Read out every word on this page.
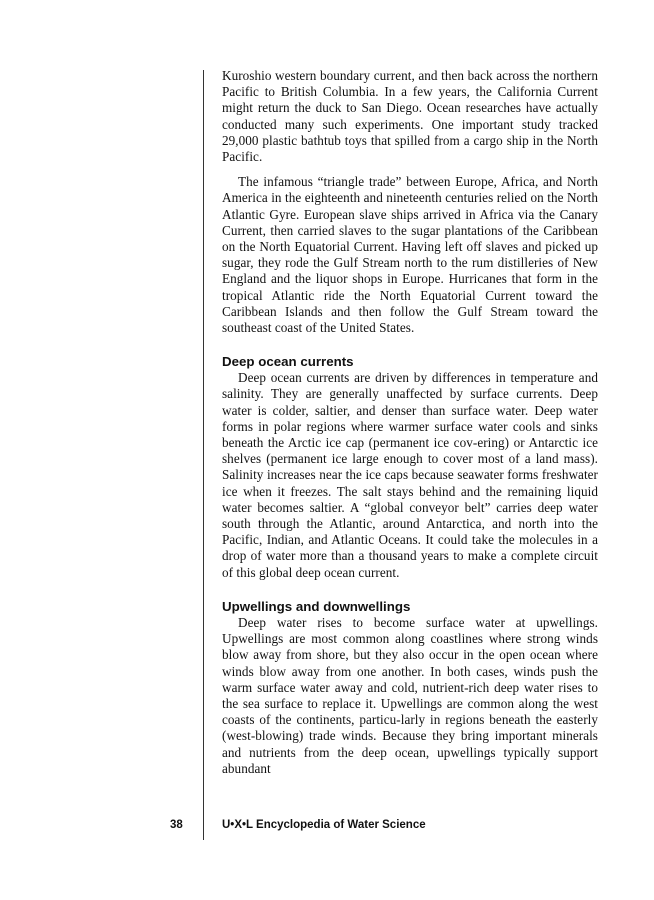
Kuroshio western boundary current, and then back across the northern Pacific to British Columbia. In a few years, the California Current might return the duck to San Diego. Ocean researches have actually conducted many such experiments. One important study tracked 29,000 plastic bathtub toys that spilled from a cargo ship in the North Pacific.

The infamous “triangle trade” between Europe, Africa, and North America in the eighteenth and nineteenth centuries relied on the North Atlantic Gyre. European slave ships arrived in Africa via the Canary Current, then carried slaves to the sugar plantations of the Caribbean on the North Equatorial Current. Having left off slaves and picked up sugar, they rode the Gulf Stream north to the rum distilleries of New England and the liquor shops in Europe. Hurricanes that form in the tropical Atlantic ride the North Equatorial Current toward the Caribbean Islands and then follow the Gulf Stream toward the southeast coast of the United States.

Deep ocean currents

Deep ocean currents are driven by differences in temperature and salinity. They are generally unaffected by surface currents. Deep water is colder, saltier, and denser than surface water. Deep water forms in polar regions where warmer surface water cools and sinks beneath the Arctic ice cap (permanent ice cov-ering) or Antarctic ice shelves (permanent ice large enough to cover most of a land mass). Salinity increases near the ice caps because seawater forms freshwater ice when it freezes. The salt stays behind and the remaining liquid water becomes saltier. A “global conveyor belt” carries deep water south through the Atlantic, around Antarctica, and north into the Pacific, Indian, and Atlantic Oceans. It could take the molecules in a drop of water more than a thousand years to make a complete circuit of this global deep ocean current.

Upwellings and downwellings

Deep water rises to become surface water at upwellings. Upwellings are most common along coastlines where strong winds blow away from shore, but they also occur in the open ocean where winds blow away from one another. In both cases, winds push the warm surface water away and cold, nutrient-rich deep water rises to the sea surface to replace it. Upwellings are common along the west coasts of the continents, particu-larly in regions beneath the easterly (west-blowing) trade winds. Because they bring important minerals and nutrients from the deep ocean, upwellings typically support abundant

38	U•X•L Encyclopedia of Water Science
